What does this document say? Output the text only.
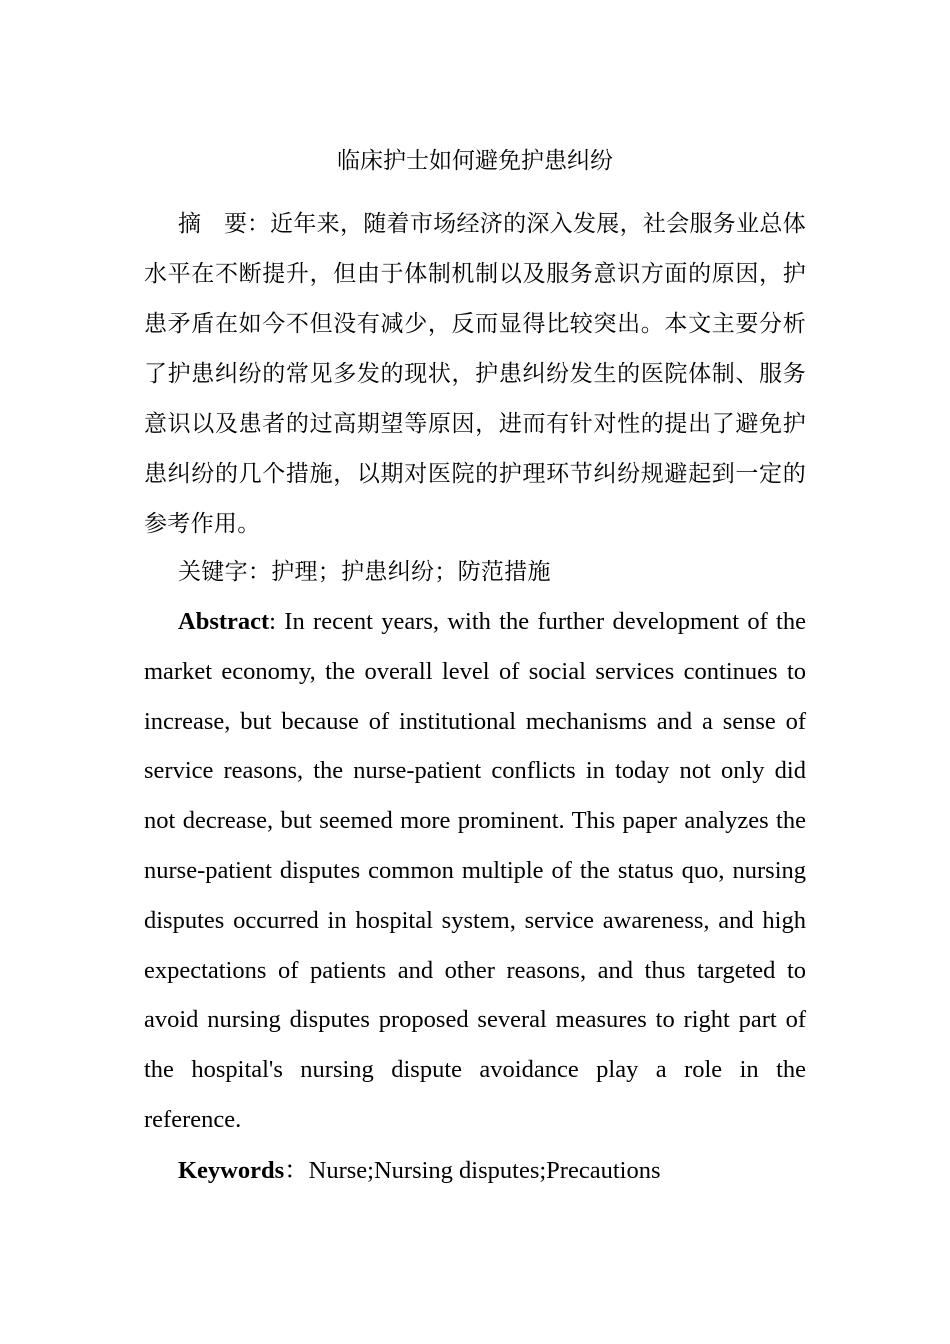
临床护士如何避免护患纠纷

摘 要：近年来，随着市场经济的深入发展，社会服务业总体水平在不断提升，但由于体制机制以及服务意识方面的原因，护患矛盾在如今不但没有减少，反而显得比较突出。本文主要分析了护患纠纷的常见多发的现状，护患纠纷发生的医院体制、服务意识以及患者的过高期望等原因，进而有针对性的提出了避免护患纠纷的几个措施，以期对医院的护理环节纠纷规避起到一定的参考作用。

关键字：护理；护患纠纷；防范措施

Abstract: In recent years, with the further development of the market economy, the overall level of social services continues to increase, but because of institutional mechanisms and a sense of service reasons, the nurse-patient conflicts in today not only did not decrease, but seemed more prominent. This paper analyzes the nurse-patient disputes common multiple of the status quo, nursing disputes occurred in hospital system, service awareness, and high expectations of patients and other reasons, and thus targeted to avoid nursing disputes proposed several measures to right part of the hospital's nursing dispute avoidance play a role in the reference.

Keywords：Nurse;Nursing disputes;Precautions
